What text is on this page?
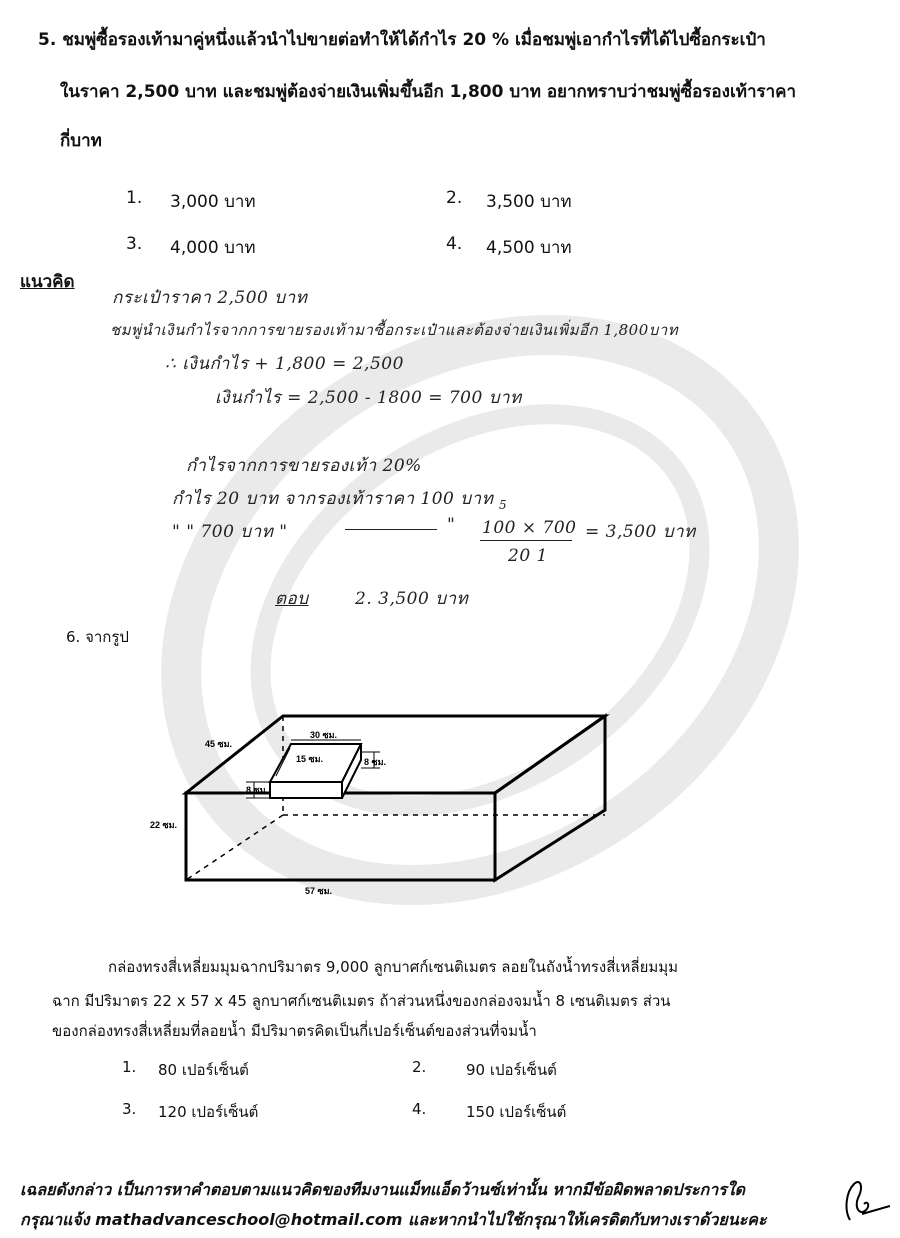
5. ชมพู่ซื้อรองเท้ามาคู่หนึ่งแล้วนำไปขายต่อทำให้ได้กำไร 20 % เมื่อชมพู่เอากำไรที่ได้ไปซื้อกระเป๋า
ในราคา 2,500 บาท และชมพู่ต้องจ่ายเงินเพิ่มขึ้นอีก 1,800 บาท อยากทราบว่าชมพู่ซื้อรองเท้าราคา
กี่บาท
1. 3,000 บาท	2. 3,500 บาท
3. 4,000 บาท	4. 4,500 บาท
แนวคิด
กระเป๋าราคา 2,500 บาท
ชมพู่นำเงินกำไรจากการขายรองเท้ามาซื้อกระเป๋าและต้องจ่ายเงินเพิ่มอีก 1,800บาท
∴ เงินกำไร + 1,800 = 2,500
เงินกำไร = 2,500 - 1800 = 700 บาท
กำไรจากการขายรองเท้า 20%
กำไร 20 บาท จากรองเท้าราคา 100 บาท
" " 700 บาท "	"
5
100 × 700
20 1
= 3,500 บาท
ตอบ	2. 3,500 บาท
6. จากรูป
45 ซม.
30 ซม.
15 ซม.	8 ซม.
8 ซม.
22 ซม.
57 ซม.
กล่องทรงสี่เหลี่ยมมุมฉากปริมาตร 9,000 ลูกบาศก์เซนติเมตร ลอยในถังน้ำทรงสี่เหลี่ยมมุม
ฉาก มีปริมาตร 22 x 57 x 45 ลูกบาศก์เซนติเมตร ถ้าส่วนหนึ่งของกล่องจมน้ำ 8 เซนติเมตร ส่วน
ของกล่องทรงสี่เหลี่ยมที่ลอยน้ำ มีปริมาตรคิดเป็นกี่เปอร์เซ็นต์ของส่วนที่จมน้ำ
1. 80 เปอร์เซ็นต์	2.	90 เปอร์เซ็นต์
3. 120 เปอร์เซ็นต์	4.	150 เปอร์เซ็นต์
เฉลยดังกล่าว เป็นการหาคำตอบตามแนวคิดของทีมงานแม็ทแอ็ดว้านซ์เท่านั้น หากมีข้อผิดพลาดประการใด
กรุณาแจ้ง mathadvanceschool@hotmail.com และหากนำไปใช้กรุณาให้เครดิตกับทางเราด้วยนะคะ
